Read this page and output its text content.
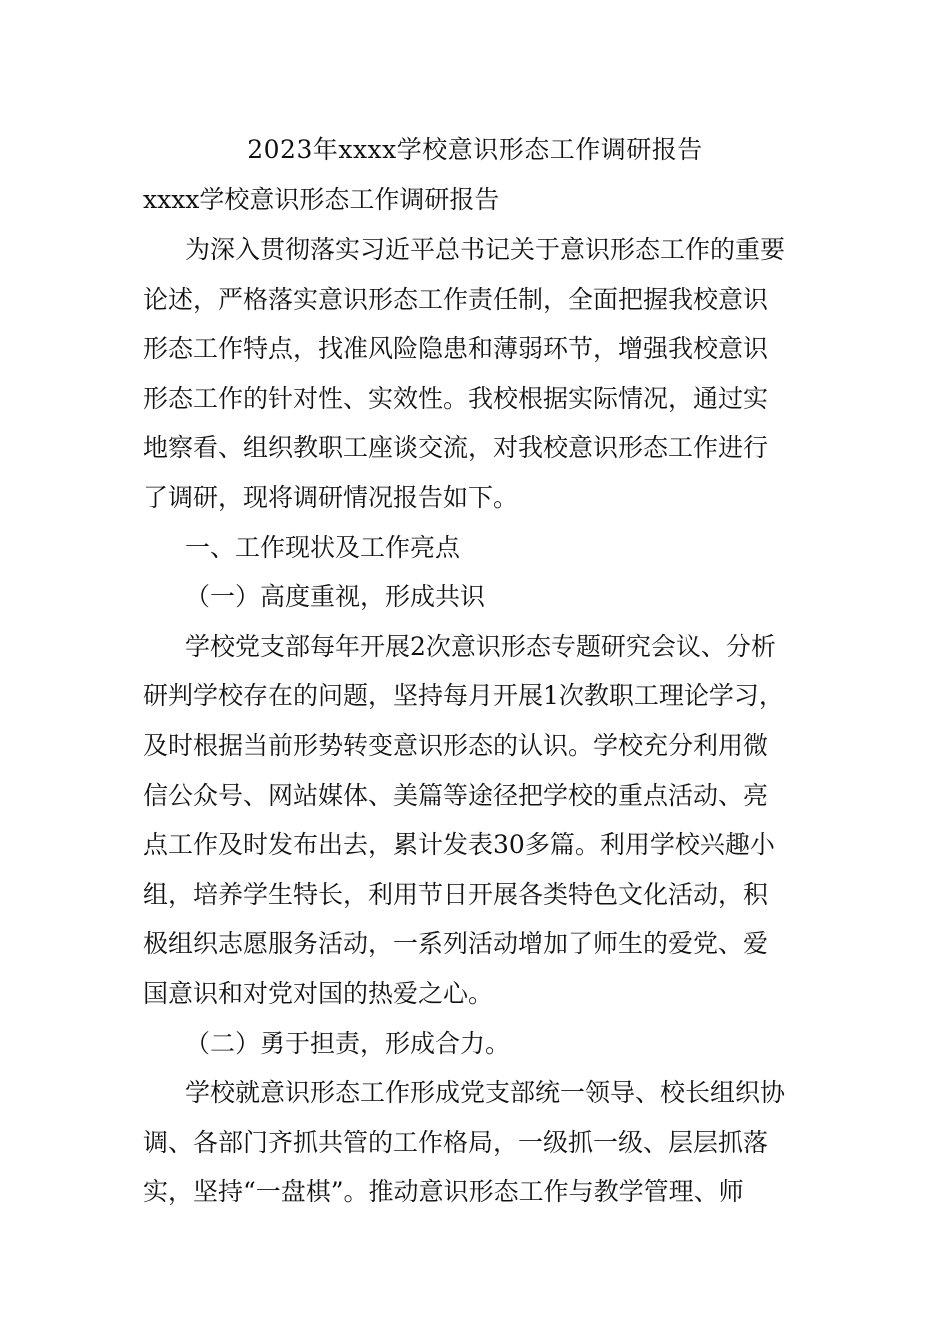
2023年xxxx学校意识形态工作调研报告
xxxx学校意识形态工作调研报告
为深入贯彻落实习近平总书记关于意识形态工作的重要
论述，严格落实意识形态工作责任制，全面把握我校意识
形态工作特点，找准风险隐患和薄弱环节，增强我校意识
形态工作的针对性、实效性。我校根据实际情况，通过实
地察看、组织教职工座谈交流，对我校意识形态工作进行
了调研，现将调研情况报告如下。
一、工作现状及工作亮点
（一）高度重视，形成共识
学校党支部每年开展2次意识形态专题研究会议、分析
研判学校存在的问题，坚持每月开展1次教职工理论学习，
及时根据当前形势转变意识形态的认识。学校充分利用微
信公众号、网站媒体、美篇等途径把学校的重点活动、亮
点工作及时发布出去，累计发表30多篇。利用学校兴趣小
组，培养学生特长，利用节日开展各类特色文化活动，积
极组织志愿服务活动，一系列活动增加了师生的爱党、爱
国意识和对党对国的热爱之心。
（二）勇于担责，形成合力。
学校就意识形态工作形成党支部统一领导、校长组织协
调、各部门齐抓共管的工作格局，一级抓一级、层层抓落
实，坚持“一盘棋”。推动意识形态工作与教学管理、师
